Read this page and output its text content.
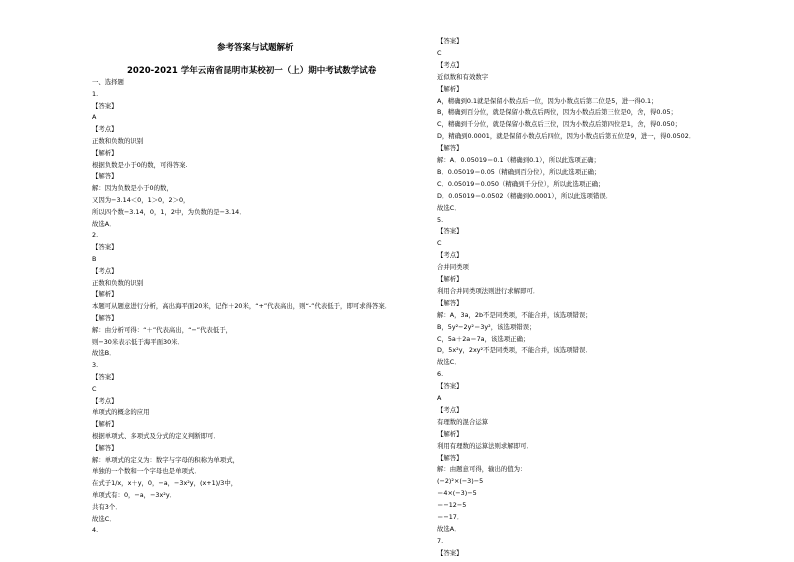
参考答案与试题解析
2020-2021 学年云南省昆明市某校初一（上）期中考试数学试卷
一、选择题
1.
【答案】
A
【考点】
正数和负数的识别
【解析】
根据负数是小于0的数，可得答案.
【解答】
解：因为负数是小于0的数，
又因为−3.14＜0，1＞0，2＞0，
所以四个数−3.14，0，1，2中，为负数的是−3.14．
故选A．
2.
【答案】
B
【考点】
正数和负数的识别
【解析】
本题可从题意进行分析，高出海平面20米，记作＋20米，“+”代表高出，则“-”代表低于，即可求得答案．
【解答】
解：由分析可得：“＋”代表高出，“−”代表低于，
则−30米表示低于海平面30米．
故选B．
3.
【答案】
C
【考点】
单项式的概念的应用
【解析】
根据单项式、多项式及分式的定义判断即可．
【解答】
解：单项式的定义为：数字与字母的积称为单项式，
单独的一个数和一个字母也是单项式．
在式子1/x，x＋y，0，−a，−3x²y，(x+1)/3中，
单项式有：0，−a，−3x²y．
共有3个．
故选C．
4.
【答案】
C
【考点】
近似数和有效数字
【解析】
A，精确到0.1就是保留小数点后一位，因为小数点后第二位是5，进一得0.1；
B，精确到百分位，就是保留小数点后两位，因为小数点后第三位是0，舍，得0.05；
C，精确到千分位，就是保留小数点后三位，因为小数点后第四位是1，舍，得0.050；
D，精确到0.0001，就是保留小数点后四位，因为小数点后第五位是9，进一，得0.0502．
【解答】
解：A．0.05019＝0.1（精确到0.1），所以此选项正确；
B．0.05019＝0.05（精确到百分位），所以此选项正确；
C．0.05019＝0.050（精确到千分位），所以此选项正确；
D．0.05019＝0.0502（精确到0.0001），所以此选项错误．
故选C．
5.
【答案】
C
【考点】
合并同类项
【解析】
利用合并同类项法则进行求解即可．
【解答】
解：A，3a，2b不是同类项，不能合并，该选项错误；
B，5y²−2y²＝3y²，该选项错误；
C，5a＋2a＝7a，该选项正确；
D，5x²y，2xy²不是同类项，不能合并，该选项错误．
故选C．
6.
【答案】
A
【考点】
有理数的混合运算
【解析】
利用有理数的运算法则求解即可．
【解答】
解：由题意可得，输出的值为：
(−2)²×(−3)−5
＝4×(−3)−5
＝−12−5
＝−17．
故选A．
7.
【答案】
